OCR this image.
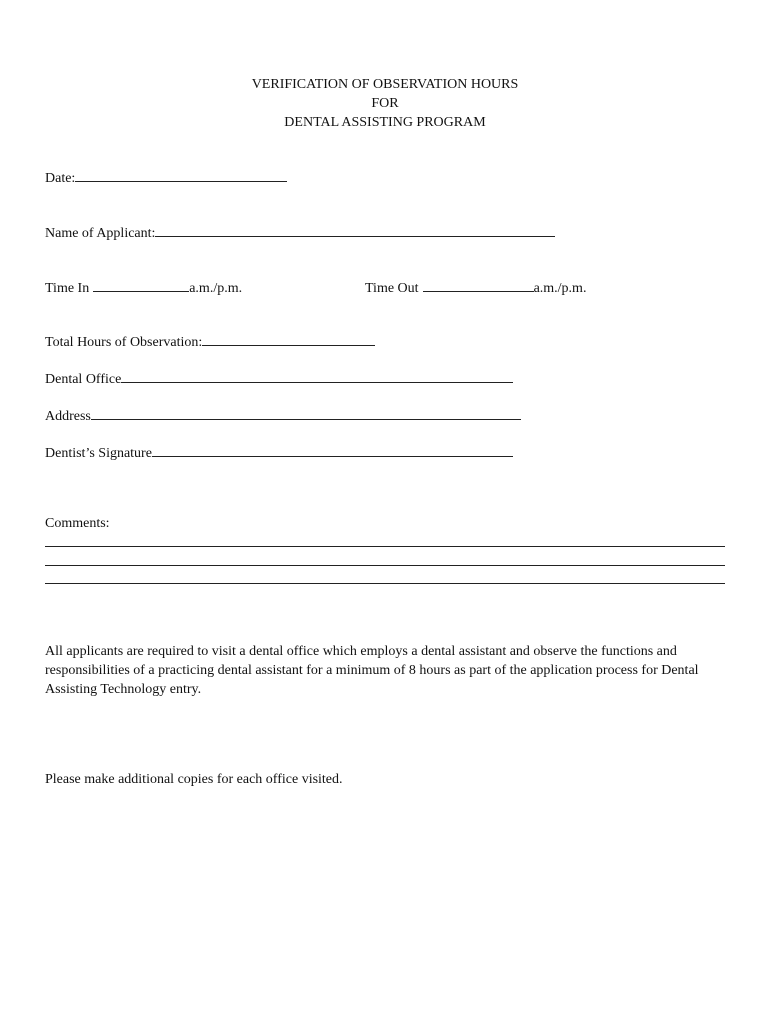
VERIFICATION OF OBSERVATION HOURS
FOR
DENTAL ASSISTING PROGRAM
Date:
Name of Applicant:
Time In	a.m./p.m.	Time Out	a.m./p.m.
Total Hours of Observation:
Dental Office
Address
Dentist’s Signature
Comments:
All applicants are required to visit a dental office which employs a dental assistant and observe the functions and responsibilities of a practicing dental assistant for a minimum of 8 hours as part of the application process for Dental Assisting Technology entry.
Please make additional copies for each office visited.
